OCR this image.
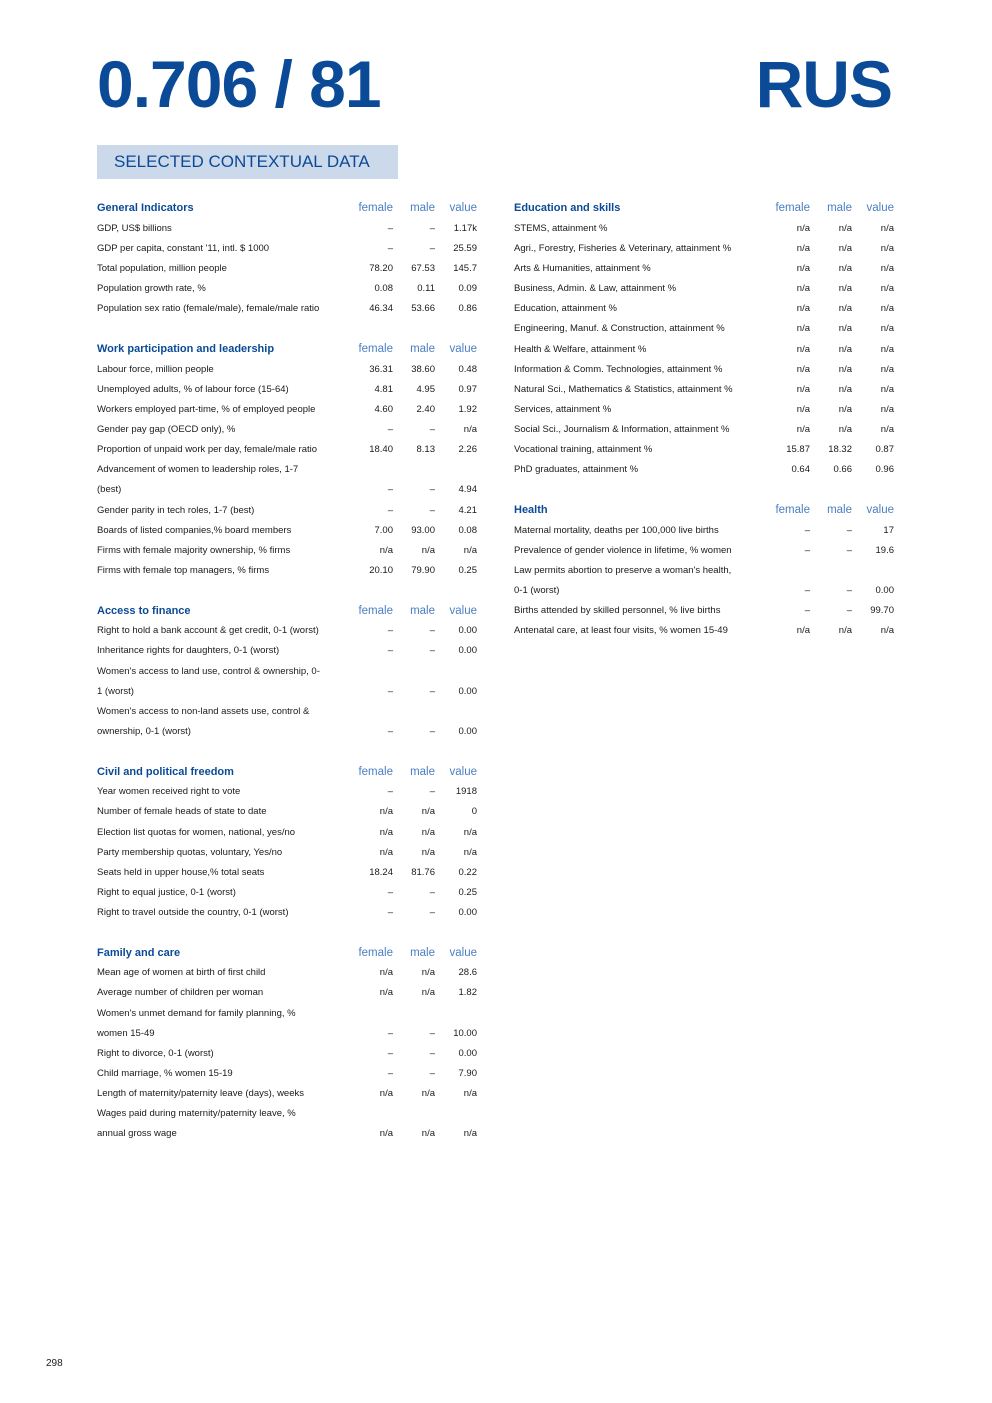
0.706 / 81	RUS
SELECTED CONTEXTUAL DATA
General Indicators	female	male	value
GDP, US$ billions	–	–	1.17k
GDP per capita, constant '11, intl. $ 1000	–	–	25.59
Total population, million people	78.20	67.53	145.7
Population growth rate, %	0.08	0.11	0.09
Population sex ratio (female/male), female/male ratio	46.34	53.66	0.86
Work participation and leadership	female	male	value
Labour force, million people	36.31	38.60	0.48
Unemployed adults, % of labour force (15-64)	4.81	4.95	0.97
Workers employed part-time, % of employed people	4.60	2.40	1.92
Gender pay gap (OECD only), %	–	–	n/a
Proportion of unpaid work per day, female/male ratio	18.40	8.13	2.26
Advancement of women to leadership roles, 1-7
(best)	–	–	4.94
Gender parity in tech roles, 1-7 (best)	–	–	4.21
Boards of listed companies,% board members	7.00	93.00	0.08
Firms with female majority ownership, % firms	n/a	n/a	n/a
Firms with female top managers, % firms	20.10	79.90	0.25
Access to finance	female	male	value
Right to hold a bank account & get credit, 0-1 (worst)	–	–	0.00
Inheritance rights for daughters, 0-1 (worst)	–	–	0.00
Women's access to land use, control & ownership, 0-
1 (worst)	–	–	0.00
Women's access to non-land assets use, control &
ownership, 0-1 (worst)	–	–	0.00
Civil and political freedom	female	male	value
Year women received right to vote	–	–	1918
Number of female heads of state to date	n/a	n/a	0
Election list quotas for women, national, yes/no	n/a	n/a	n/a
Party membership quotas, voluntary, Yes/no	n/a	n/a	n/a
Seats held in upper house,% total seats	18.24	81.76	0.22
Right to equal justice, 0-1 (worst)	–	–	0.25
Right to travel outside the country, 0-1 (worst)	–	–	0.00
Family and care	female	male	value
Mean age of women at birth of first child	n/a	n/a	28.6
Average number of children per woman	n/a	n/a	1.82
Women's unmet demand for family planning, %
women 15-49	–	–	10.00
Right to divorce, 0-1 (worst)	–	–	0.00
Child marriage, % women 15-19	–	–	7.90
Length of maternity/paternity leave (days), weeks	n/a	n/a	n/a
Wages paid during maternity/paternity leave, %
annual gross wage	n/a	n/a	n/a
Education and skills	female	male	value
STEMS, attainment %	n/a	n/a	n/a
Agri., Forestry, Fisheries & Veterinary, attainment %	n/a	n/a	n/a
Arts & Humanities, attainment %	n/a	n/a	n/a
Business, Admin. & Law, attainment %	n/a	n/a	n/a
Education, attainment %	n/a	n/a	n/a
Engineering, Manuf. & Construction, attainment %	n/a	n/a	n/a
Health & Welfare, attainment %	n/a	n/a	n/a
Information & Comm. Technologies, attainment %	n/a	n/a	n/a
Natural Sci., Mathematics & Statistics, attainment %	n/a	n/a	n/a
Services, attainment %	n/a	n/a	n/a
Social Sci., Journalism & Information, attainment %	n/a	n/a	n/a
Vocational training, attainment %	15.87	18.32	0.87
PhD graduates, attainment %	0.64	0.66	0.96
Health	female	male	value
Maternal mortality, deaths per 100,000 live births	–	–	17
Prevalence of gender violence in lifetime, % women	–	–	19.6
Law permits abortion to preserve a woman's health,
0-1 (worst)	–	–	0.00
Births attended by skilled personnel, % live births	–	–	99.70
Antenatal care, at least four visits, % women 15-49	n/a	n/a	n/a
298
